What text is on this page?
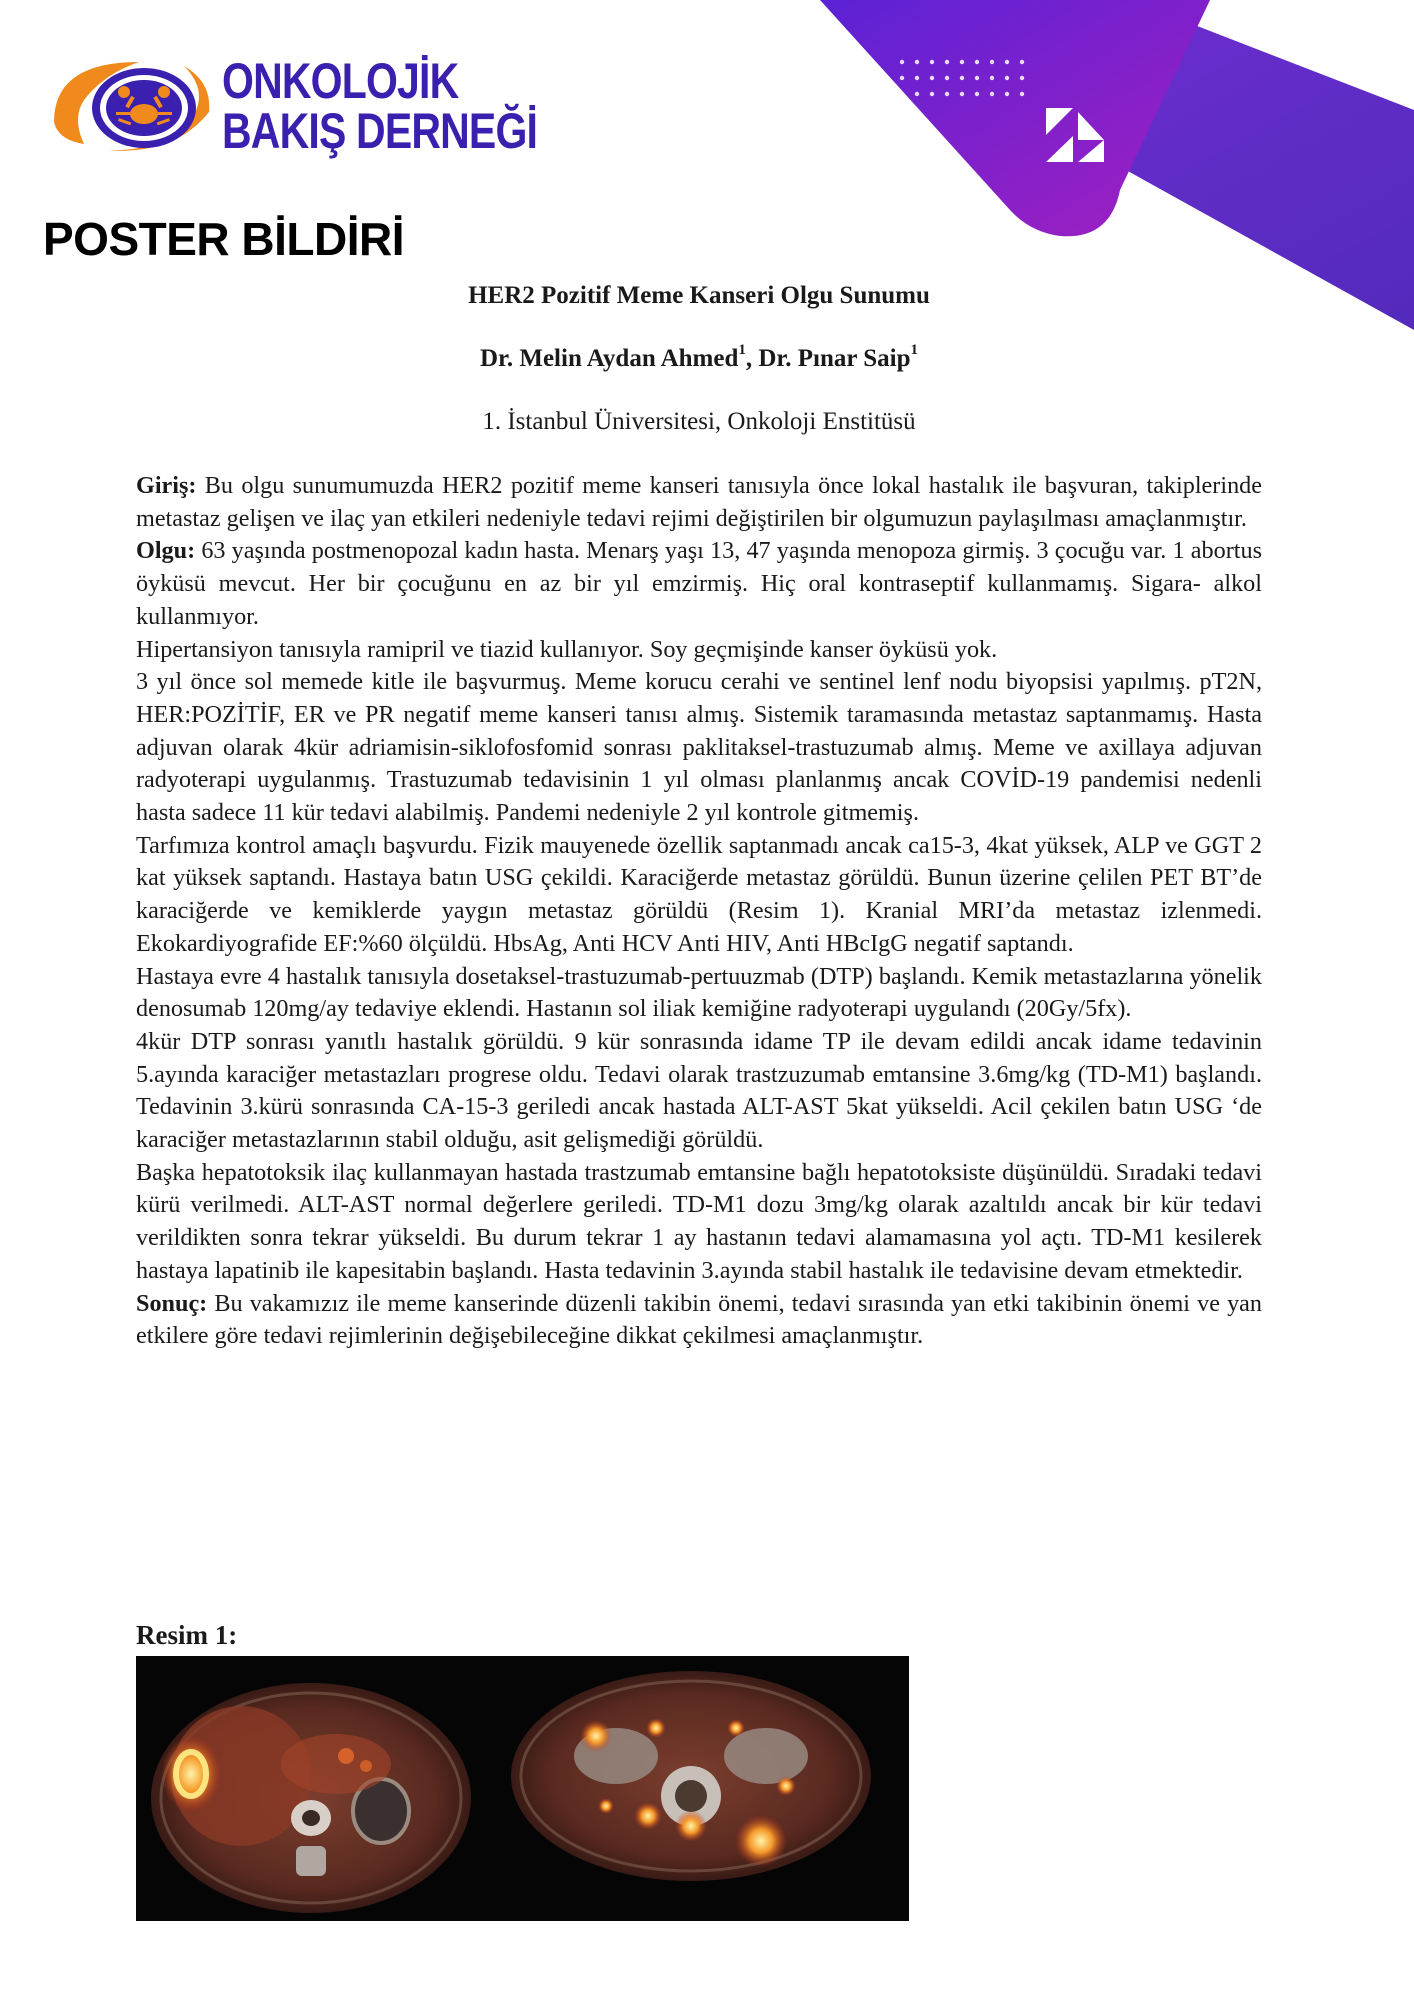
ONKOLOJİK
BAKIŞ DERNEĞİ
POSTER BİLDİRİ
HER2 Pozitif Meme Kanseri Olgu Sunumu
Dr. Melin Aydan Ahmed$^1$, Dr. Pınar Saip$^1$
1. İstanbul Üniversitesi, Onkoloji Enstitüsü

Giriş: Bu olgu sunumumuzda HER2 pozitif meme kanseri tanısıyla önce lokal hastalık ile başvuran, takiplerinde metastaz gelişen ve ilaç yan etkileri nedeniyle tedavi rejimi değiştirilen bir olgumuzun paylaşılması amaçlanmıştır.

Olgu: 63 yaşında postmenopozal kadın hasta. Menarş yaşı 13, 47 yaşında menopoza girmiş. 3 çocuğu var. 1 abortus öyküsü mevcut. Her bir çocuğunu en az bir yıl emzirmiş. Hiç oral kontraseptif kullanmamış. Sigara- alkol kullanmıyor.

Hipertansiyon tanısıyla ramipril ve tiazid kullanıyor. Soy geçmişinde kanser öyküsü yok.

3 yıl önce sol memede kitle ile başvurmuş. Meme korucu cerahi ve sentinel lenf nodu biyopsisi yapılmış. pT2N, HER:POZİTİF, ER ve PR negatif meme kanseri tanısı almış. Sistemik taramasında metastaz saptanmamış. Hasta adjuvan olarak 4kür adriamisin-siklofosfomid sonrası paklitaksel-trastuzumab almış. Meme ve axillaya adjuvan radyoterapi uygulanmış. Trastuzumab tedavisinin 1 yıl olması planlanmış ancak COVİD-19 pandemisi nedenli hasta sadece 11 kür tedavi alabilmiş. Pandemi nedeniyle 2 yıl kontrole gitmemiş.

Tarfımıza kontrol amaçlı başvurdu. Fizik mauyenede özellik saptanmadı ancak ca15-3, 4kat yüksek, ALP ve GGT 2 kat yüksek saptandı. Hastaya batın USG çekildi. Karaciğerde metastaz görüldü. Bunun üzerine çelilen PET BT’de karaciğerde ve kemiklerde yaygın metastaz görüldü (Resim 1). Kranial MRI’da metastaz izlenmedi. Ekokardiyografide EF:%60 ölçüldü. HbsAg, Anti HCV Anti HIV, Anti HBcIgG negatif saptandı.

Hastaya evre 4 hastalık tanısıyla dosetaksel-trastuzumab-pertuuzmab (DTP) başlandı. Kemik metastazlarına yönelik denosumab 120mg/ay tedaviye eklendi. Hastanın sol iliak kemiğine radyoterapi uygulandı (20Gy/5fx).

4kür DTP sonrası yanıtlı hastalık görüldü. 9 kür sonrasında idame TP ile devam edildi ancak idame tedavinin 5.ayında karaciğer metastazları progrese oldu. Tedavi olarak trastzuzumab emtansine 3.6mg/kg (TD-M1) başlandı. Tedavinin 3.kürü sonrasında CA-15-3 geriledi ancak hastada ALT-AST 5kat yükseldi. Acil çekilen batın USG ‘de karaciğer metastazlarının stabil olduğu, asit gelişmediği görüldü.

Başka hepatotoksik ilaç kullanmayan hastada trastzumab emtansine bağlı hepatotoksiste düşünüldü. Sıradaki tedavi kürü verilmedi. ALT-AST normal değerlere geriledi. TD-M1 dozu 3mg/kg olarak azaltıldı ancak bir kür tedavi verildikten sonra tekrar yükseldi. Bu durum tekrar 1 ay hastanın tedavi alamamasına yol açtı. TD-M1 kesilerek hastaya lapatinib ile kapesitabin başlandı. Hasta tedavinin 3.ayında stabil hastalık ile tedavisine devam etmektedir.

Sonuç: Bu vakamızız ile meme kanserinde düzenli takibin önemi, tedavi sırasında yan etki takibinin önemi ve yan etkilere göre tedavi rejimlerinin değişebileceğine dikkat çekilmesi amaçlanmıştır.

Resim 1:
